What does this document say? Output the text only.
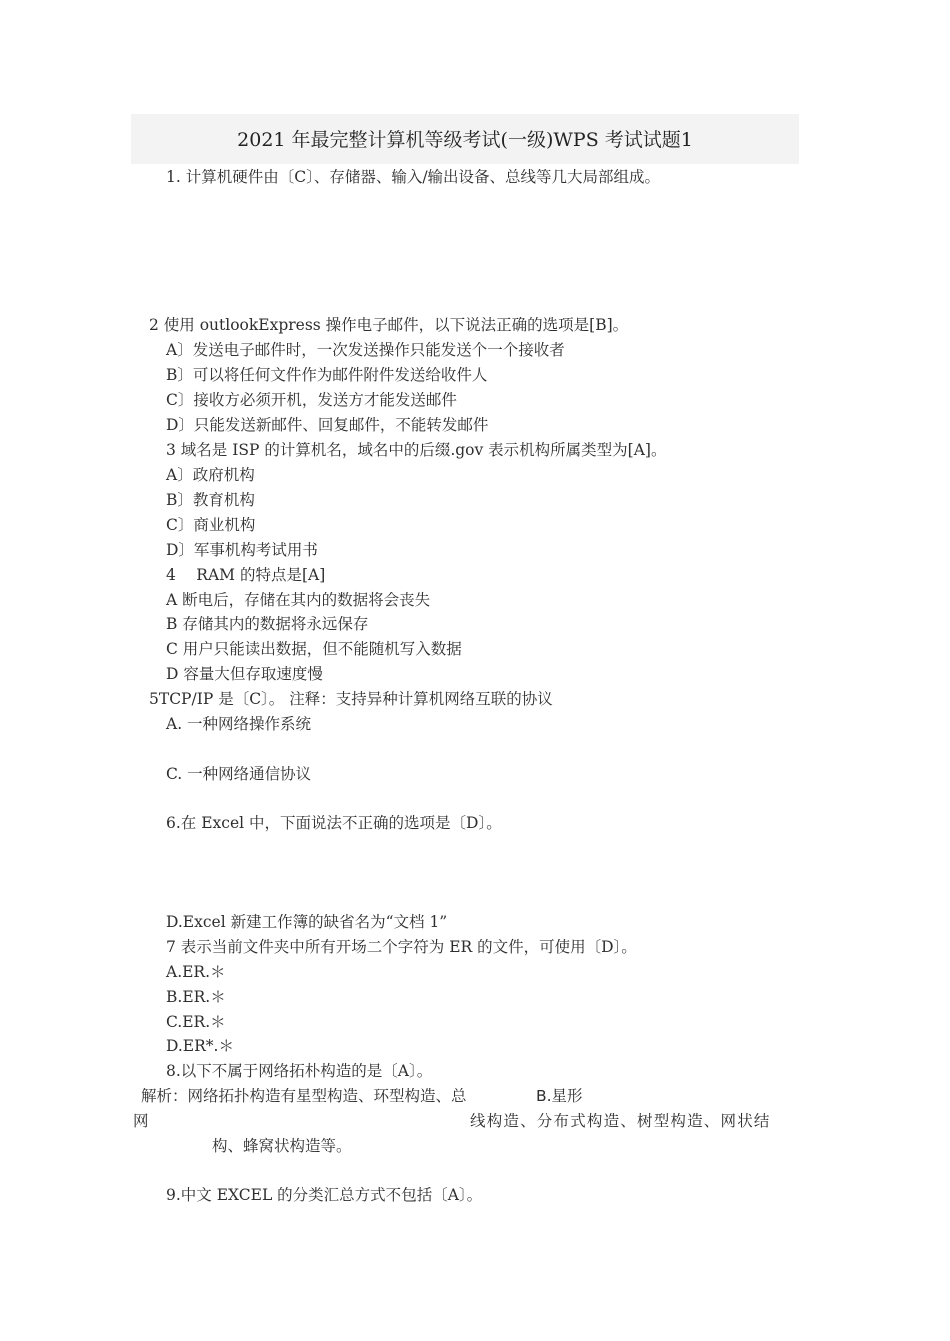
2021 年最完整计算机等级考试(一级)WPS 考试试题1
1. 计算机硬件由〔C〕、存储器、输入/输出设备、总线等几大局部组成。
2 使用 outlookExpress 操作电子邮件，以下说法正确的选项是[B]。
A〕发送电子邮件时，一次发送操作只能发送个一个接收者
B〕可以将任何文件作为邮件附件发送给收件人
C〕接收方必须开机，发送方才能发送邮件
D〕只能发送新邮件、回复邮件，不能转发邮件
3 域名是 ISP 的计算机名，域名中的后缀.gov 表示机构所属类型为[A]。
A〕政府机构
B〕教育机构
C〕商业机构
D〕军事机构考试用书
4　 RAM 的特点是[A]
A 断电后，存储在其内的数据将会丧失
B 存储其内的数据将永远保存
C 用户只能读出数据，但不能随机写入数据
D 容量大但存取速度慢
5TCP/IP 是〔C〕。 注释：支持异种计算机网络互联的协议
A. 一种网络操作系统
C. 一种网络通信协议
6.在 Excel 中，下面说法不正确的选项是〔D〕。
D.Excel 新建工作簿的缺省名为“文档 1”
7 表示当前文件夹中所有开场二个字符为 ER 的文件，可使用〔D〕。
A.ER.＊
B.ER.＊
C.ER.＊
D.ER*.＊
8.以下不属于网络拓朴构造的是〔A〕。
解析：网络拓扑构造有星型构造、环型构造、总	B.星形
网	线构造、分布式构造、树型构造、网状结
构、蜂窝状构造等。
9.中文 EXCEL 的分类汇总方式不包括〔A〕。
